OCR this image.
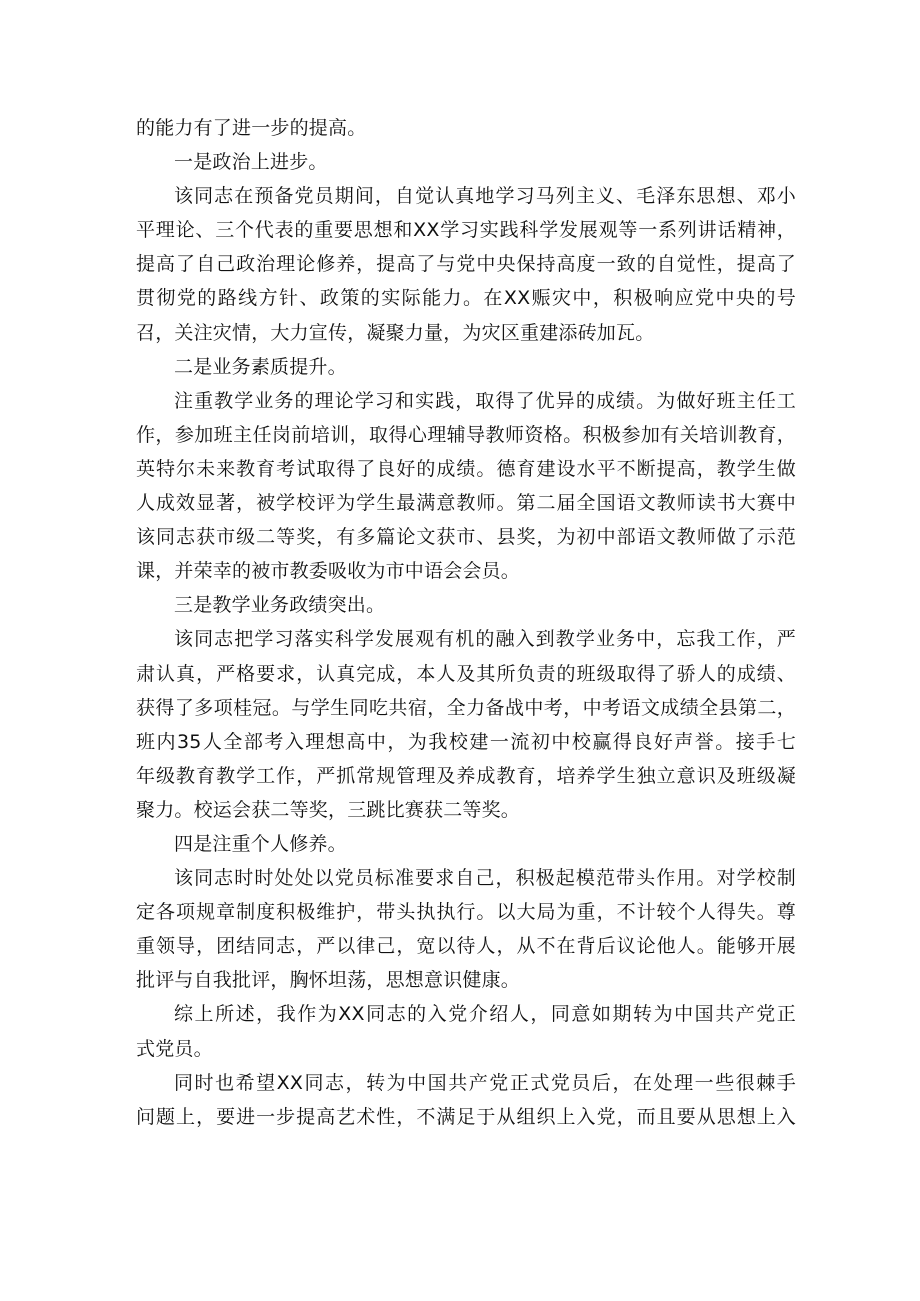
的能力有了进一步的提高。
一是政治上进步。
该同志在预备党员期间，自觉认真地学习马列主义、毛泽东思想、邓小
平理论、三个代表的重要思想和XX学习实践科学发展观等一系列讲话精神，
提高了自己政治理论修养，提高了与党中央保持高度一致的自觉性，提高了
贯彻党的路线方针、政策的实际能力。在XX赈灾中，积极响应党中央的号
召，关注灾情，大力宣传，凝聚力量，为灾区重建添砖加瓦。
二是业务素质提升。
注重教学业务的理论学习和实践，取得了优异的成绩。为做好班主任工
作，参加班主任岗前培训，取得心理辅导教师资格。积极参加有关培训教育，
英特尔未来教育考试取得了良好的成绩。德育建设水平不断提高，教学生做
人成效显著，被学校评为学生最满意教师。第二届全国语文教师读书大赛中
该同志获市级二等奖，有多篇论文获市、县奖，为初中部语文教师做了示范
课，并荣幸的被市教委吸收为市中语会会员。
三是教学业务政绩突出。
该同志把学习落实科学发展观有机的融入到教学业务中，忘我工作，严
肃认真，严格要求，认真完成，本人及其所负责的班级取得了骄人的成绩、
获得了多项桂冠。与学生同吃共宿，全力备战中考，中考语文成绩全县第二，
班内35人全部考入理想高中，为我校建一流初中校赢得良好声誉。接手七
年级教育教学工作，严抓常规管理及养成教育，培养学生独立意识及班级凝
聚力。校运会获二等奖，三跳比赛获二等奖。
四是注重个人修养。
该同志时时处处以党员标准要求自己，积极起模范带头作用。对学校制
定各项规章制度积极维护，带头执执行。以大局为重，不计较个人得失。尊
重领导，团结同志，严以律己，宽以待人，从不在背后议论他人。能够开展
批评与自我批评，胸怀坦荡，思想意识健康。
综上所述，我作为XX同志的入党介绍人，同意如期转为中国共产党正
式党员。
同时也希望XX同志，转为中国共产党正式党员后，在处理一些很棘手
问题上，要进一步提高艺术性，不满足于从组织上入党，而且要从思想上入
